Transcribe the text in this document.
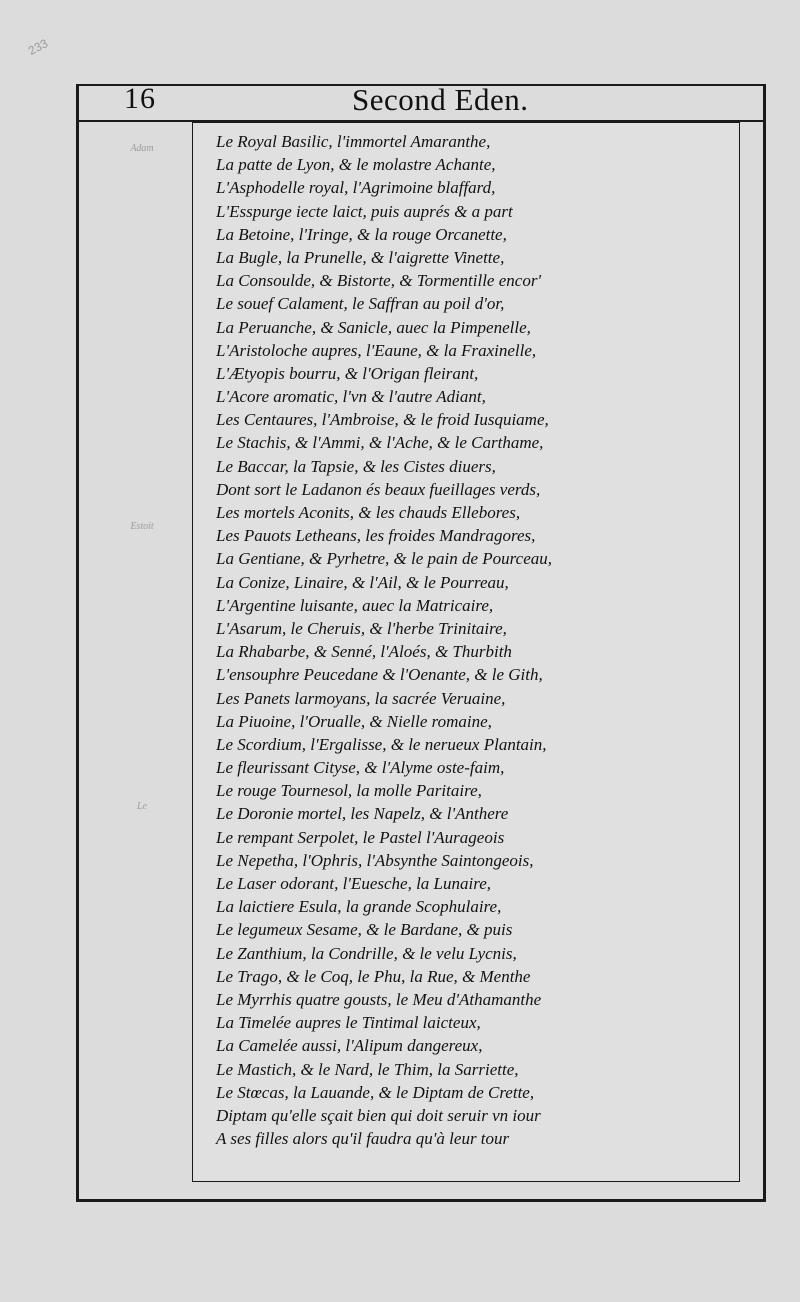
233
16	Second Eden.
Adam
Estoit
Le
Le Royal Basilic, l'immortel Amaranthe,
La patte de Lyon, & le molastre Achante,
L'Asphodelle royal, l'Agrimoine blaffard,
L'Esspurge iecte laict, puis auprés & a part
La Betoine, l'Iringe, & la rouge Orcanette,
La Bugle, la Prunelle, & l'aigrette Vinette,
La Consoulde, & Bistorte, & Tormentille encor'
Le souef Calament, le Saffran au poil d'or,
La Peruanche, & Sanicle, auec la Pimpenelle,
L'Aristoloche aupres, l'Eaune, & la Fraxinelle,
L'Ætyopis bourru, & l'Origan fleirant,
L'Acore aromatic, l'vn & l'autre Adiant,
Les Centaures, l'Ambroise, & le froid Iusquiame,
Le Stachis, & l'Ammi, & l'Ache, & le Carthame,
Le Baccar, la Tapsie, & les Cistes diuers,
Dont sort le Ladanon és beaux fueillages verds,
Les mortels Aconits, & les chauds Ellebores,
Les Pauots Letheans, les froides Mandragores,
La Gentiane, & Pyrhetre, & le pain de Pourceau,
La Conize, Linaire, & l'Ail, & le Pourreau,
L'Argentine luisante, auec la Matricaire,
L'Asarum, le Cheruis, & l'herbe Trinitaire,
La Rhabarbe, & Senné, l'Aloés, & Thurbith
L'ensouphre Peucedane & l'Oenante, & le Gith,
Les Panets larmoyans, la sacrée Veruaine,
La Piuoine, l'Orualle, & Nielle romaine,
Le Scordium, l'Ergalisse, & le nerueux Plantain,
Le fleurissant Cityse, & l'Alyme oste-faim,
Le rouge Tournesol, la molle Paritaire,
Le Doronie mortel, les Napelz, & l'Anthere
Le rempant Serpolet, le Pastel l'Aurageois
Le Nepetha, l'Ophris, l'Absynthe Saintongeois,
Le Laser odorant, l'Euesche, la Lunaire,
La laictiere Esula, la grande Scophulaire,
Le legumeux Sesame, & le Bardane, & puis
Le Zanthium, la Condrille, & le velu Lycnis,
Le Trago, & le Coq, le Phu, la Rue, & Menthe
Le Myrrhis quatre gousts, le Meu d'Athamanthe
La Timelée aupres le Tintimal laicteux,
La Camelée aussi, l'Alipum dangereux,
Le Mastich, & le Nard, le Thim, la Sarriette,
Le Stœcas, la Lauande, & le Diptam de Crette,
Diptam qu'elle sçait bien qui doit seruir vn iour
A ses filles alors qu'il faudra qu'à leur tour
